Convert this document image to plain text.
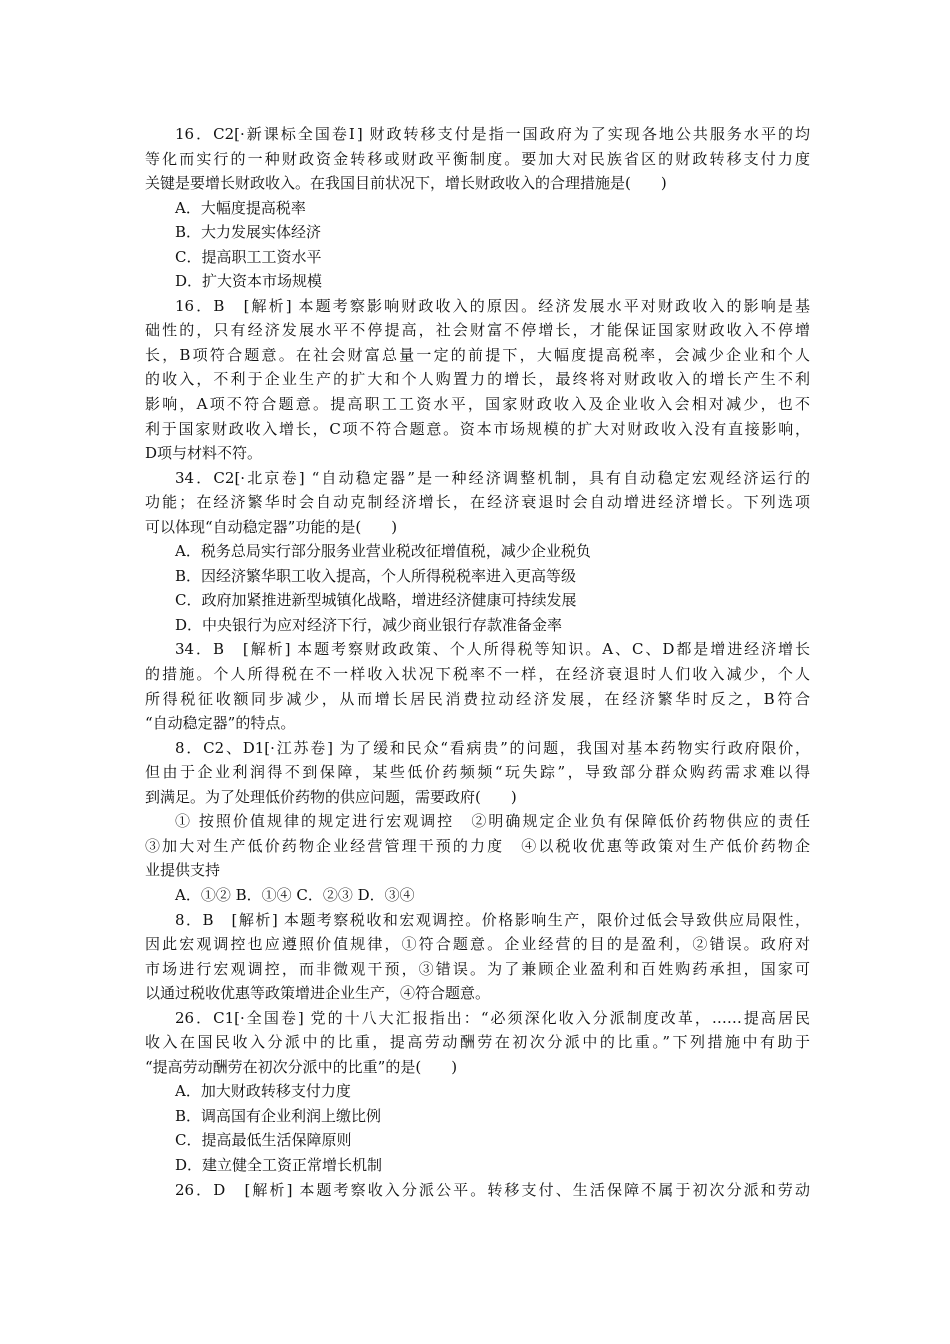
16．C2[·新课标全国卷Ⅰ] 财政转移支付是指一国政府为了实现各地公共服务水平的均
等化而实行的一种财政资金转移或财政平衡制度。要加大对民族省区的财政转移支付力度
关键是要增长财政收入。在我国目前状况下，增长财政收入的合理措施是(　　)
A．大幅度提高税率
B．大力发展实体经济
C．提高职工工资水平
D．扩大资本市场规模
16．B　[解析] 本题考察影响财政收入的原因。经济发展水平对财政收入的影响是基
础性的，只有经济发展水平不停提高，社会财富不停增长，才能保证国家财政收入不停增
长，B项符合题意。在社会财富总量一定的前提下，大幅度提高税率，会减少企业和个人
的收入，不利于企业生产的扩大和个人购置力的增长，最终将对财政收入的增长产生不利
影响，A项不符合题意。提高职工工资水平，国家财政收入及企业收入会相对减少，也不
利于国家财政收入增长，C项不符合题意。资本市场规模的扩大对财政收入没有直接影响，
D项与材料不符。
34．C2[·北京卷] “自动稳定器”是一种经济调整机制，具有自动稳定宏观经济运行的
功能；在经济繁华时会自动克制经济增长，在经济衰退时会自动增进经济增长。下列选项
可以体现“自动稳定器”功能的是(　　)
A．税务总局实行部分服务业营业税改征增值税，减少企业税负
B．因经济繁华职工收入提高，个人所得税税率进入更高等级
C．政府加紧推进新型城镇化战略，增进经济健康可持续发展
D．中央银行为应对经济下行，减少商业银行存款准备金率
34．B　[解析] 本题考察财政政策、个人所得税等知识。A、C、D都是增进经济增长
的措施。个人所得税在不一样收入状况下税率不一样，在经济衰退时人们收入减少，个人
所得税征收额同步减少，从而增长居民消费拉动经济发展，在经济繁华时反之，B符合
“自动稳定器”的特点。
8．C2、D1[·江苏卷] 为了缓和民众“看病贵”的问题，我国对基本药物实行政府限价，
但由于企业利润得不到保障，某些低价药频频“玩失踪”，导致部分群众购药需求难以得
到满足。为了处理低价药物的供应问题，需要政府(　　)
① 按照价值规律的规定进行宏观调控　②明确规定企业负有保障低价药物供应的责任
③加大对生产低价药物企业经营管理干预的力度　④以税收优惠等政策对生产低价药物企
业提供支持
A．①② B．①④ C．②③ D．③④
8．B　[解析] 本题考察税收和宏观调控。价格影响生产，限价过低会导致供应局限性，
因此宏观调控也应遵照价值规律，①符合题意。企业经营的目的是盈利，②错误。政府对
市场进行宏观调控，而非微观干预，③错误。为了兼顾企业盈利和百姓购药承担，国家可
以通过税收优惠等政策增进企业生产，④符合题意。
26．C1[·全国卷] 党的十八大汇报指出：“必须深化收入分派制度改革，……提高居民
收入在国民收入分派中的比重，提高劳动酬劳在初次分派中的比重。”下列措施中有助于
“提高劳动酬劳在初次分派中的比重”的是(　　)
A．加大财政转移支付力度
B．调高国有企业利润上缴比例
C．提高最低生活保障原则
D．建立健全工资正常增长机制
26．D　[解析] 本题考察收入分派公平。转移支付、生活保障不属于初次分派和劳动
